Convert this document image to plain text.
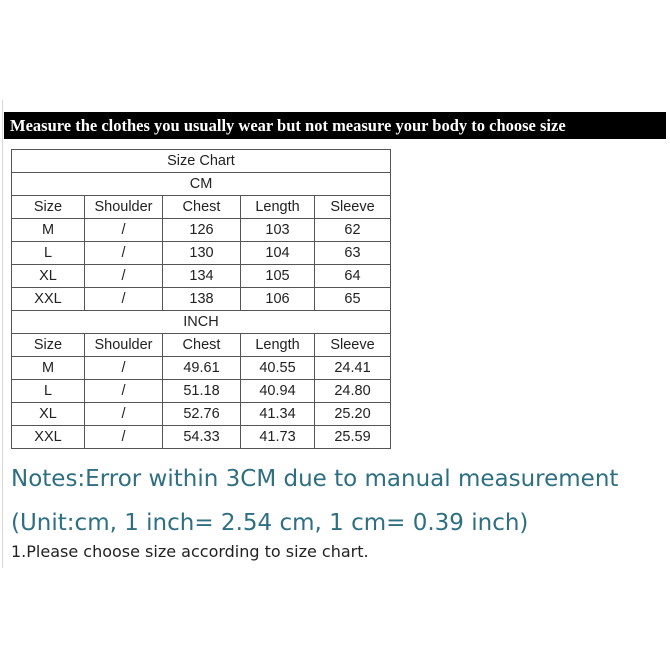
Measure the clothes you usually wear but not measure your body to choose size
Size Chart				
CM				
Size	Shoulder	Chest	Length	Sleeve
M	/	126	103	62
L	/	130	104	63
XL	/	134	105	64
XXL	/	138	106	65
INCH				
Size	Shoulder	Chest	Length	Sleeve
M	/	49.61	40.55	24.41
L	/	51.18	40.94	24.80
XL	/	52.76	41.34	25.20
XXL	/	54.33	41.73	25.59
Notes:Error within 3CM due to manual measurement
(Unit:cm, 1 inch= 2.54 cm, 1 cm= 0.39 inch)
1.Please choose size according to size chart.
